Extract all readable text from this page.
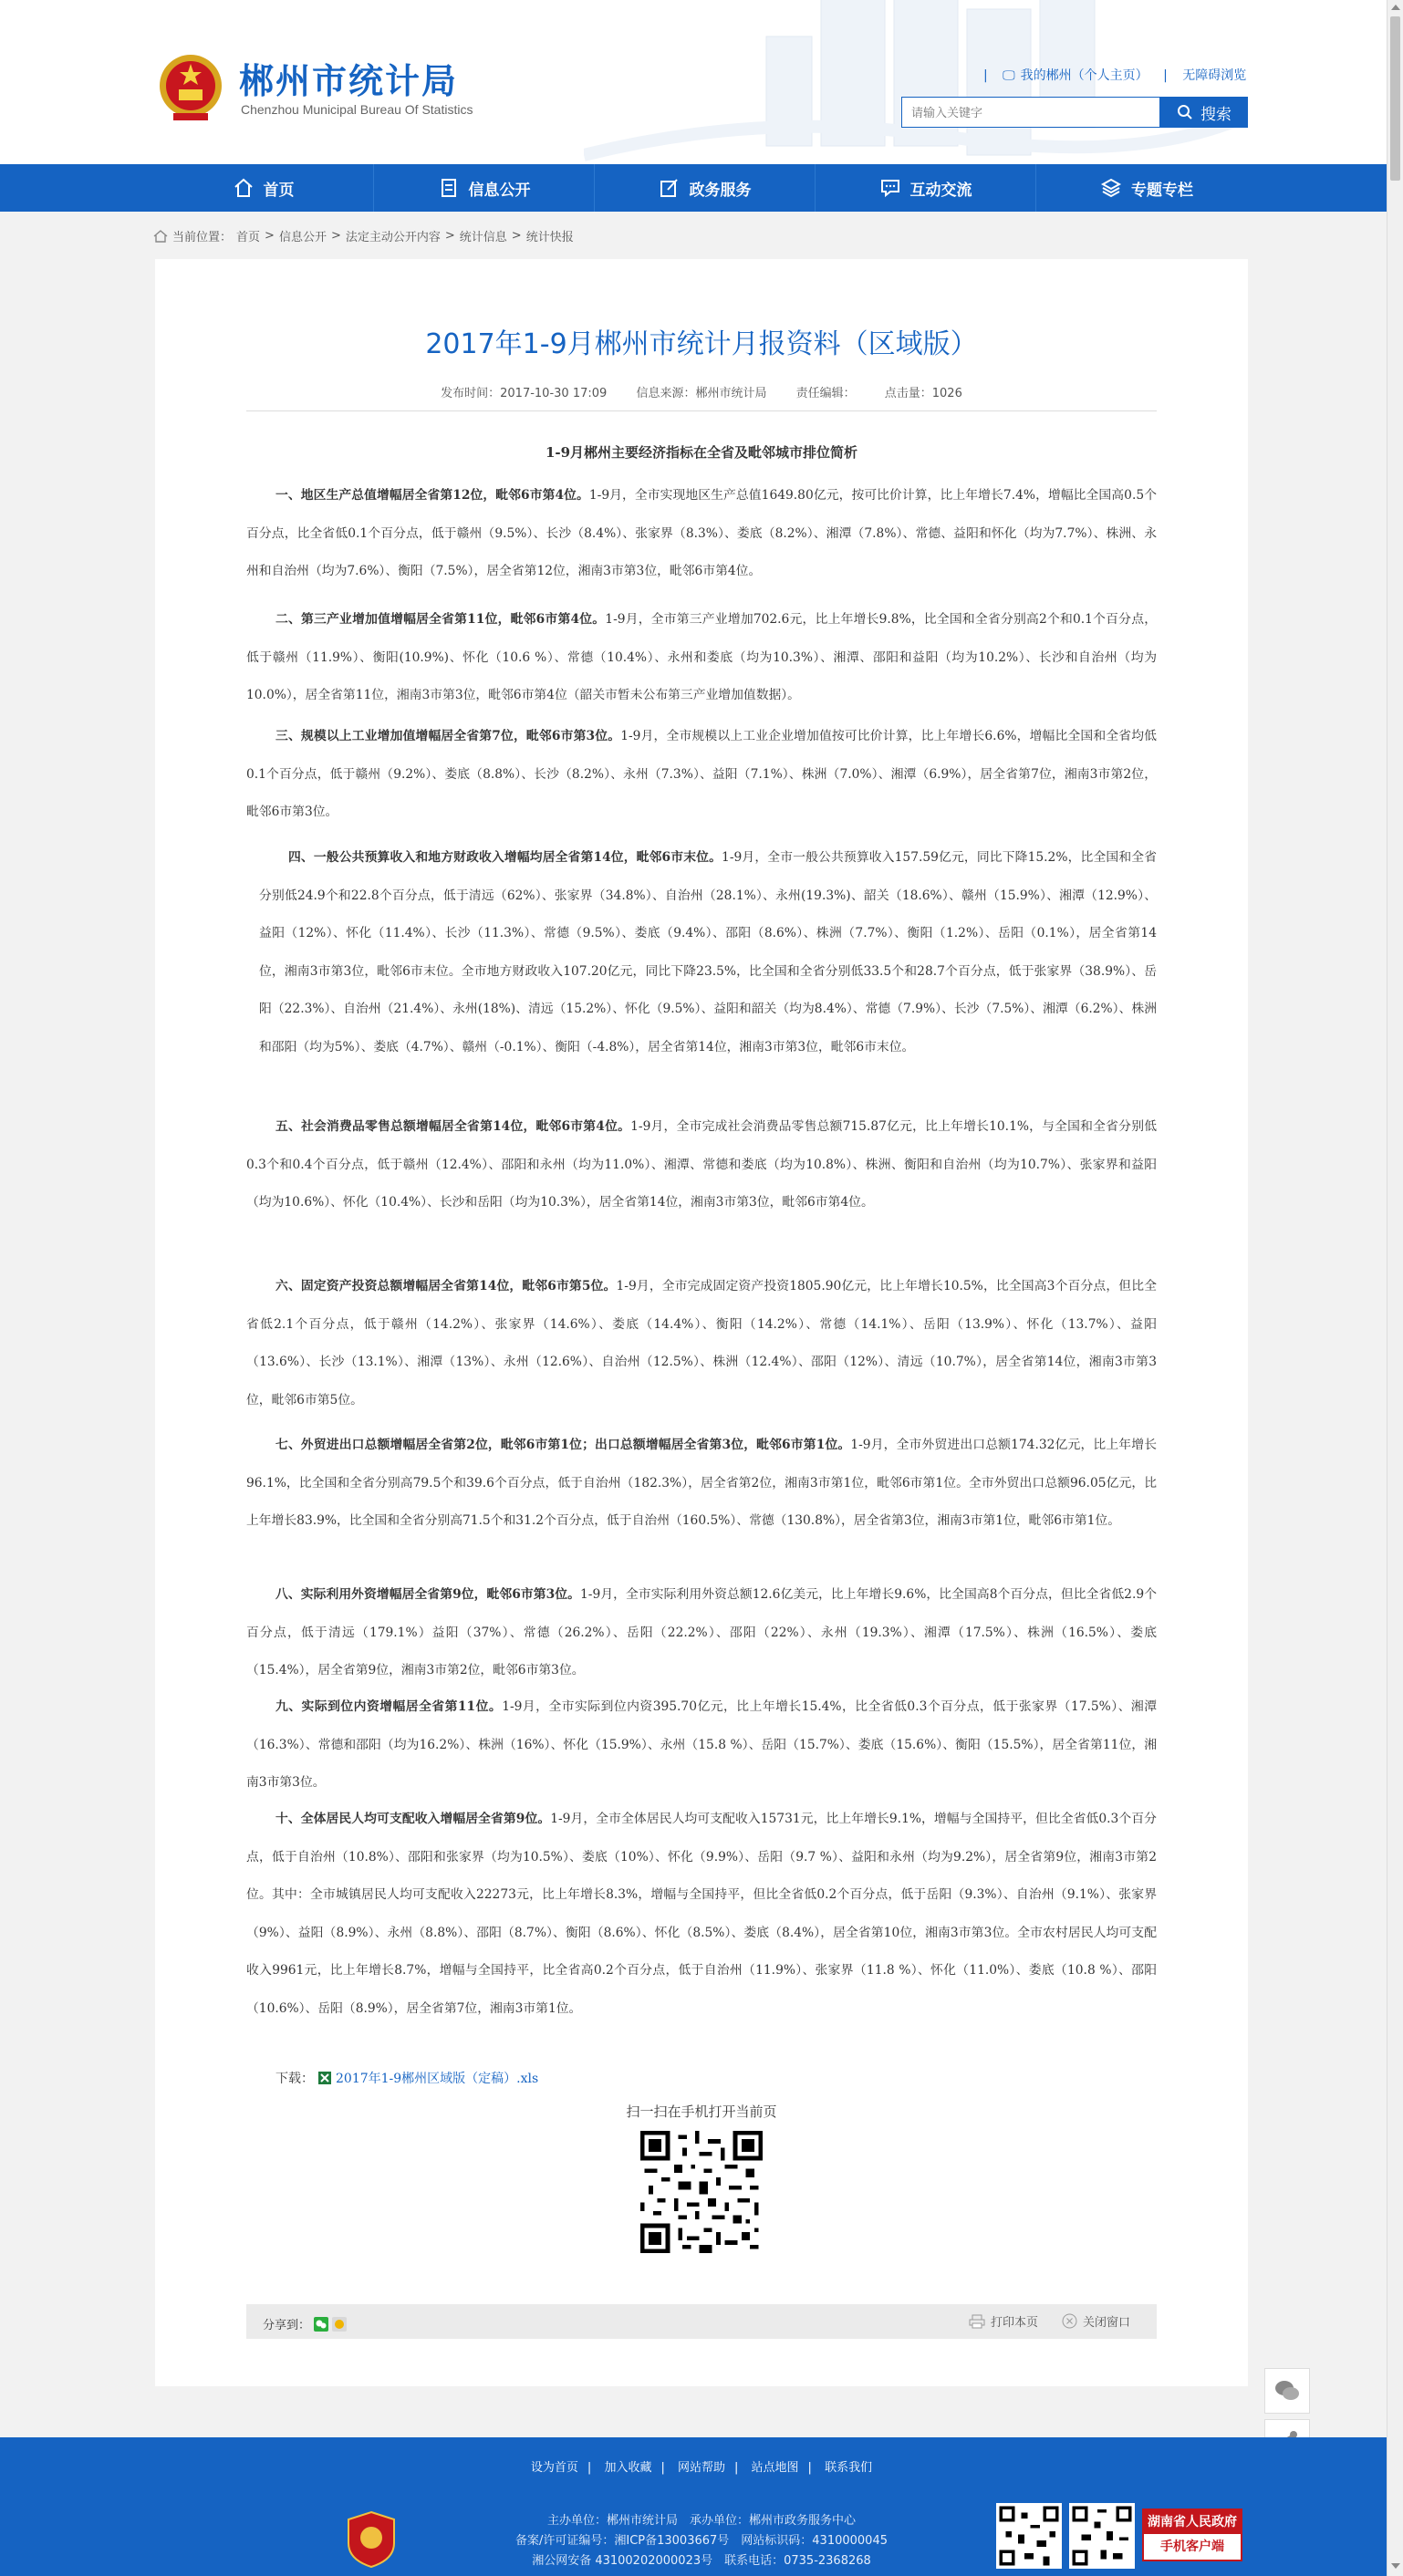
郴州市统计局
Chenzhou Municipal Bureau Of Statistics
| 🖵 我的郴州（个人主页） | 无障碍浏览
请输入关键字
搜索
首页	信息公开	政务服务	互动交流	专题专栏
当前位置： 首页 > 信息公开 > 法定主动公开内容 > 统计信息 > 统计快报
2017年1-9月郴州市统计月报资料（区域版）
发布时间：2017-10-30 17:09 信息来源：郴州市统计局 责任编辑： 点击量：1026
1-9月郴州主要经济指标在全省及毗邻城市排位简析
一、地区生产总值增幅居全省第12位，毗邻6市第4位。1-9月，全市实现地区生产总值1649.80亿元，按可比价计算，比上年增长7.4%，增幅比全国高0.5个百分点，比全省低0.1个百分点，低于赣州（9.5%）、长沙（8.4%）、张家界（8.3%）、娄底（8.2%）、湘潭（7.8%）、常德、益阳和怀化（均为7.7%）、株洲、永州和自治州（均为7.6%）、衡阳（7.5%），居全省第12位，湘南3市第3位，毗邻6市第4位。
二、第三产业增加值增幅居全省第11位，毗邻6市第4位。1-9月，全市第三产业增加702.6元，比上年增长9.8%，比全国和全省分别高2个和0.1个百分点，低于赣州（11.9%）、衡阳(10.9%)、怀化（10.6 %）、常德（10.4%）、永州和娄底（均为10.3%）、湘潭、邵阳和益阳（均为10.2%）、长沙和自治州（均为10.0%），居全省第11位，湘南3市第3位，毗邻6市第4位（韶关市暂未公布第三产业增加值数据）。
三、规模以上工业增加值增幅居全省第7位，毗邻6市第3位。1-9月，全市规模以上工业企业增加值按可比价计算，比上年增长6.6%，增幅比全国和全省均低0.1个百分点，低于赣州（9.2%）、娄底（8.8%）、长沙（8.2%）、永州（7.3%）、益阳（7.1%）、株洲（7.0%）、湘潭（6.9%），居全省第7位，湘南3市第2位，毗邻6市第3位。
四、一般公共预算收入和地方财政收入增幅均居全省第14位，毗邻6市末位。1-9月，全市一般公共预算收入157.59亿元，同比下降15.2%，比全国和全省分别低24.9个和22.8个百分点，低于清远（62%）、张家界（34.8%）、自治州（28.1%）、永州(19.3%)、韶关（18.6%）、赣州（15.9%）、湘潭（12.9%）、益阳（12%）、怀化（11.4%）、长沙（11.3%）、常德（9.5%）、娄底（9.4%）、邵阳（8.6%）、株洲（7.7%）、衡阳（1.2%）、岳阳（0.1%），居全省第14位，湘南3市第3位，毗邻6市末位。全市地方财政收入107.20亿元，同比下降23.5%，比全国和全省分别低33.5个和28.7个百分点，低于张家界（38.9%）、岳阳（22.3%）、自治州（21.4%）、永州(18%)、清远（15.2%）、怀化（9.5%）、益阳和韶关（均为8.4%）、常德（7.9%）、长沙（7.5%）、湘潭（6.2%）、株洲和邵阳（均为5%）、娄底（4.7%）、赣州（-0.1%）、衡阳（-4.8%），居全省第14位，湘南3市第3位，毗邻6市末位。
五、社会消费品零售总额增幅居全省第14位，毗邻6市第4位。1-9月，全市完成社会消费品零售总额715.87亿元，比上年增长10.1%，与全国和全省分别低0.3个和0.4个百分点，低于赣州（12.4%）、邵阳和永州（均为11.0%）、湘潭、常德和娄底（均为10.8%）、株洲、衡阳和自治州（均为10.7%）、张家界和益阳（均为10.6%）、怀化（10.4%）、长沙和岳阳（均为10.3%），居全省第14位，湘南3市第3位，毗邻6市第4位。
六、固定资产投资总额增幅居全省第14位，毗邻6市第5位。1-9月，全市完成固定资产投资1805.90亿元，比上年增长10.5%，比全国高3个百分点，但比全省低2.1个百分点，低于赣州（14.2%）、张家界（14.6%）、娄底（14.4%）、衡阳（14.2%）、常德（14.1%）、岳阳（13.9%）、怀化（13.7%）、益阳（13.6%）、长沙（13.1%）、湘潭（13%）、永州（12.6%）、自治州（12.5%）、株洲（12.4%）、邵阳（12%）、清远（10.7%），居全省第14位，湘南3市第3位，毗邻6市第5位。
七、外贸进出口总额增幅居全省第2位，毗邻6市第1位；出口总额增幅居全省第3位，毗邻6市第1位。1-9月，全市外贸进出口总额174.32亿元，比上年增长96.1%，比全国和全省分别高79.5个和39.6个百分点，低于自治州（182.3%），居全省第2位，湘南3市第1位，毗邻6市第1位。全市外贸出口总额96.05亿元，比上年增长83.9%，比全国和全省分别高71.5个和31.2个百分点，低于自治州（160.5%）、常德（130.8%），居全省第3位，湘南3市第1位，毗邻6市第1位。
八、实际利用外资增幅居全省第9位，毗邻6市第3位。1-9月，全市实际利用外资总额12.6亿美元，比上年增长9.6%，比全国高8个百分点，但比全省低2.9个百分点，低于清远（179.1%）益阳（37%）、常德（26.2%）、岳阳（22.2%）、邵阳（22%）、永州（19.3%）、湘潭（17.5%）、株洲（16.5%）、娄底（15.4%），居全省第9位，湘南3市第2位，毗邻6市第3位。
九、实际到位内资增幅居全省第11位。1-9月，全市实际到位内资395.70亿元，比上年增长15.4%，比全省低0.3个百分点，低于张家界（17.5%）、湘潭（16.3%）、常德和邵阳（均为16.2%）、株洲（16%）、怀化（15.9%）、永州（15.8 %）、岳阳（15.7%）、娄底（15.6%）、衡阳（15.5%），居全省第11位，湘南3市第3位。
十、全体居民人均可支配收入增幅居全省第9位。1-9月，全市全体居民人均可支配收入15731元，比上年增长9.1%，增幅与全国持平，但比全省低0.3个百分点，低于自治州（10.8%）、邵阳和张家界（均为10.5%）、娄底（10%）、怀化（9.9%）、岳阳（9.7 %）、益阳和永州（均为9.2%），居全省第9位，湘南3市第2位。其中：全市城镇居民人均可支配收入22273元，比上年增长8.3%，增幅与全国持平，但比全省低0.2个百分点，低于岳阳（9.3%）、自治州（9.1%）、张家界（9%）、益阳（8.9%）、永州（8.8%）、邵阳（8.7%）、衡阳（8.6%）、怀化（8.5%）、娄底（8.4%），居全省第10位，湘南3市第3位。全市农村居民人均可支配收入9961元，比上年增长8.7%，增幅与全国持平，比全省高0.2个百分点，低于自治州（11.9%）、张家界（11.8 %）、怀化（11.0%）、娄底（10.8 %）、邵阳（10.6%）、岳阳（8.9%），居全省第7位，湘南3市第1位。
下载： 2017年1-9郴州区域版（定稿）.xls
扫一扫在手机打开当前页
分享到：	打印本页	关闭窗口
设为首页 | 加入收藏 | 网站帮助 | 站点地图 | 联系我们
主办单位：郴州市统计局　承办单位：郴州市政务服务中心
备案/许可证编号：湘ICP备13003667号　网站标识码：4310000045
湘公网安备 43100202000023号　联系电话：0735-2368268
湖南省人民政府
手机客户端
